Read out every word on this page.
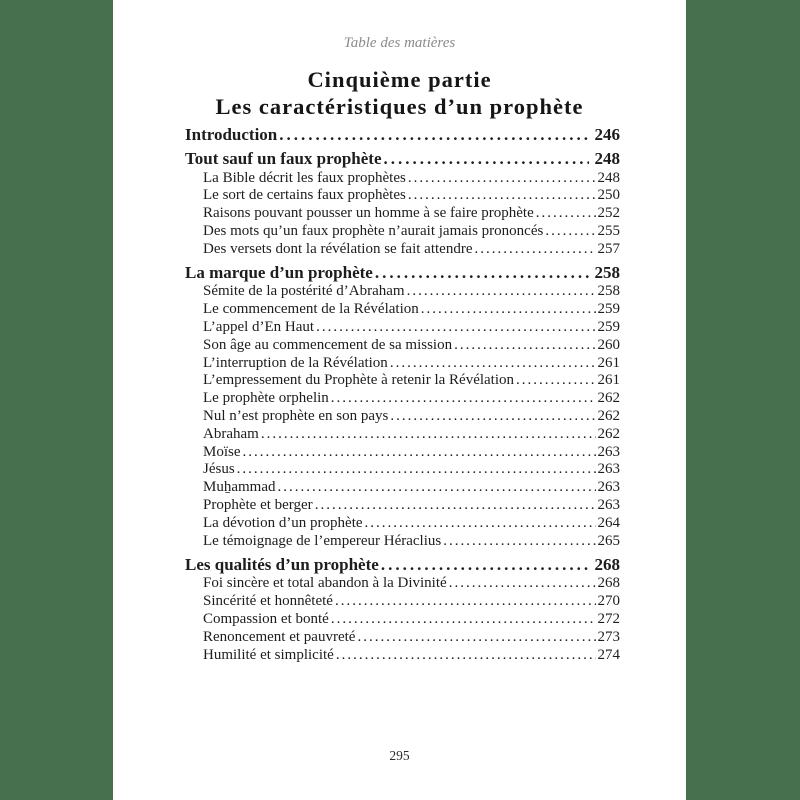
Table des matières
Cinquième partie
Les caractéristiques d’un prophète
Introduction .....	246
Tout sauf un faux prophète .....	248
La Bible décrit les faux prophètes .....	248
Le sort de certains faux prophètes .....	250
Raisons pouvant pousser un homme à se faire prophète .....	252
Des mots qu’un faux prophète n’aurait jamais prononcés .....	255
Des versets dont la révélation se fait attendre .....	257
La marque d’un prophète .....	258
Sémite de la postérité d’Abraham .....	258
Le commencement de la Révélation .....	259
L’appel d’En Haut .....	259
Son âge au commencement de sa mission .....	260
L’interruption de la Révélation .....	261
L’empressement du Prophète à retenir la Révélation .....	261
Le prophète orphelin .....	262
Nul n’est prophète en son pays .....	262
Abraham .....	262
Moïse .....	263
Jésus .....	263
Muẖammad .....	263
Prophète et berger .....	263
La dévotion d’un prophète .....	264
Le témoignage de l’empereur Héraclius .....	265
Les qualités d’un prophète .....	268
Foi sincère et total abandon à la Divinité .....	268
Sincérité et honnêteté .....	270
Compassion et bonté .....	272
Renoncement et pauvreté .....	273
Humilité et simplicité .....	274
295
